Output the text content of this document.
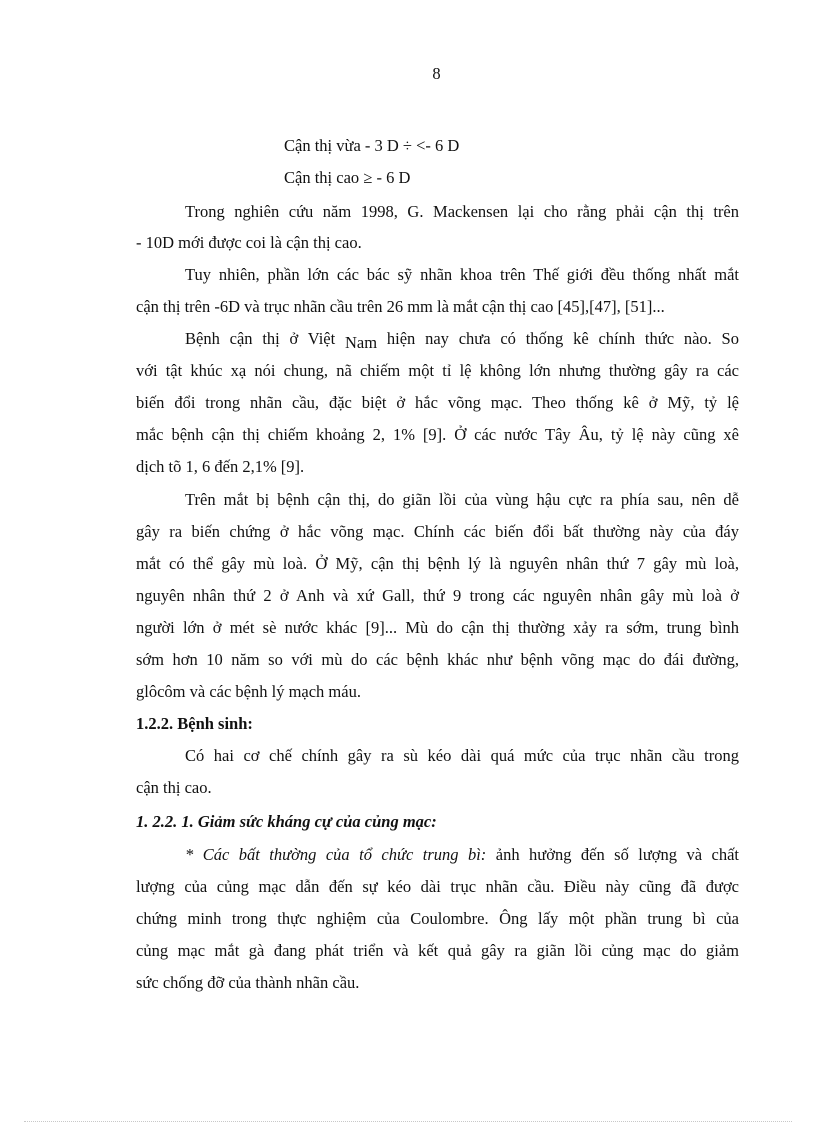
8
Cận thị vừa - 3 D ÷ <- 6 D
Cận thị cao ≥ - 6 D
Trong nghiên cứu năm 1998, G. Mackensen lại cho rằng phải cận thị trên
- 10D mới được coi là cận thị cao.
Tuy nhiên, phần lớn các bác sỹ nhãn khoa trên Thế giới đều thống nhất mắt
cận thị trên -6D và trục nhãn cầu trên 26 mm là mắt cận thị cao [45],[47], [51]...
Bệnh cận thị ở Việt Nam hiện nay chưa có thống kê chính thức nào. So
với tật khúc xạ nói chung, nã chiếm một tỉ lệ không lớn nhưng thường gây ra các
biến đổi trong nhãn cầu, đặc biệt ở hắc võng mạc. Theo thống kê ở Mỹ, tỷ lệ
mắc bệnh cận thị chiếm khoảng 2, 1% [9]. Ở các nước Tây Âu, tỷ lệ này cũng xê
dịch tõ 1, 6 đến 2,1% [9].
Trên mắt bị bệnh cận thị, do giãn lồi của vùng hậu cực ra phía sau, nên dễ
gây ra biến chứng ở hắc võng mạc. Chính các biến đổi bất thường này của đáy
mắt có thể gây mù loà. Ở Mỹ, cận thị bệnh lý là nguyên nhân thứ 7 gây mù loà,
nguyên nhân thứ 2 ở Anh và xứ Gall, thứ 9 trong các nguyên nhân gây mù loà ở
người lớn ở mét sè nước khác [9]... Mù do cận thị thường xảy ra sớm, trung bình
sớm hơn 10 năm so với mù do các bệnh khác như bệnh võng mạc do đái đường,
glôcôm và các bệnh lý mạch máu.
1.2.2. Bệnh sinh:
Có hai cơ chế chính gây ra sù kéo dài quá mức của trục nhãn cầu trong
cận thị cao.
1. 2.2. 1. Giảm sức kháng cự của củng mạc:
* Các bất thường của tổ chức trung bì: ảnh hưởng đến số lượng và chất
lượng của củng mạc dẫn đến sự kéo dài trục nhãn cầu. Điều này cũng đã được
chứng minh trong thực nghiệm của Coulombre. Ông lấy một phần trung bì của
củng mạc mắt gà đang phát triển và kết quả gây ra giãn lồi củng mạc do giảm
sức chống đỡ của thành nhãn cầu.
